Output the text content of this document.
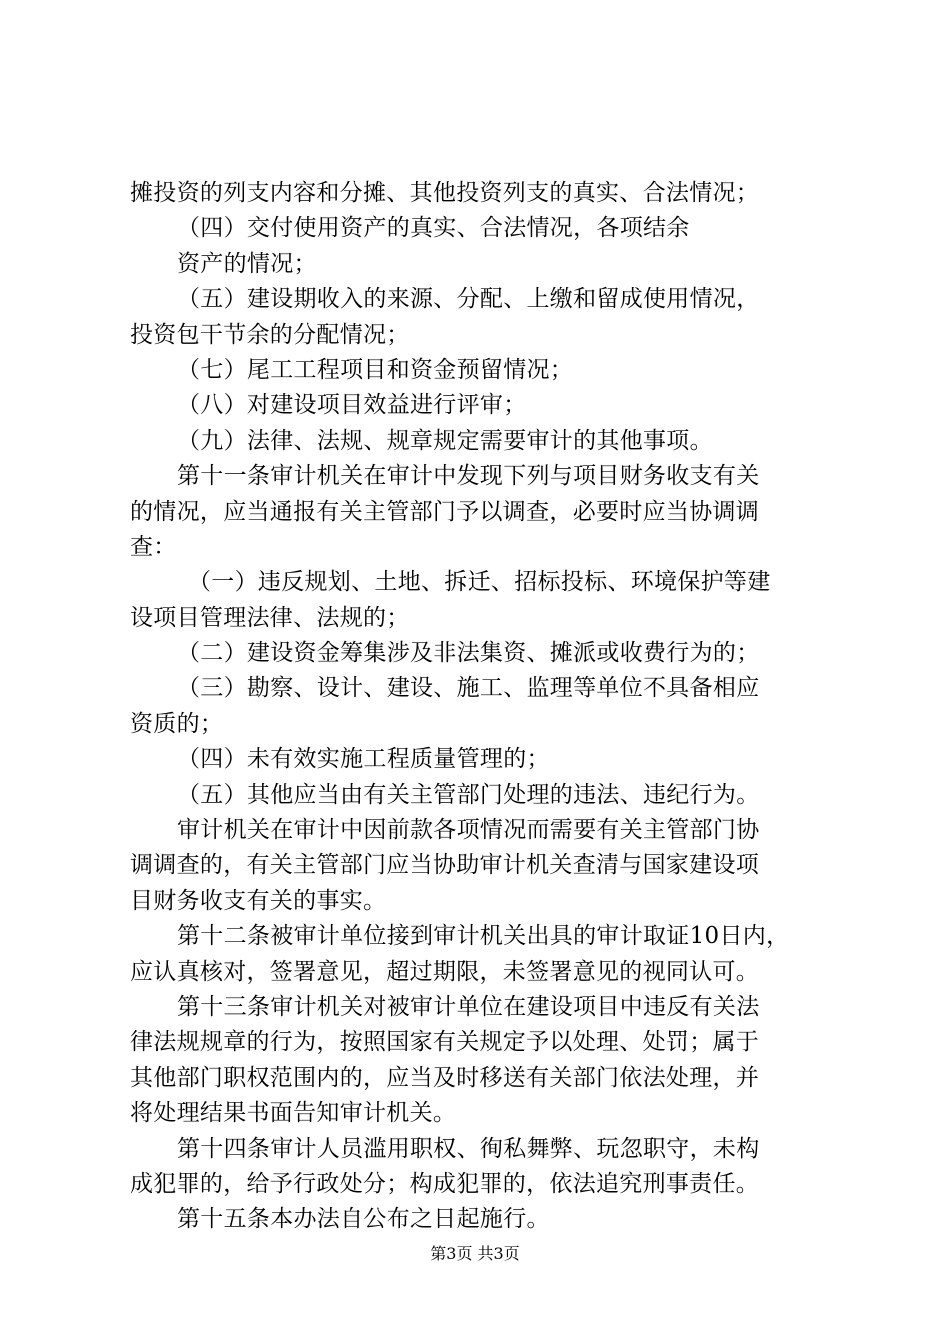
摊投资的列支内容和分摊、其他投资列支的真实、合法情况；
（四）交付使用资产的真实、合法情况，各项结余
资产的情况；
（五）建设期收入的来源、分配、上缴和留成使用情况，
投资包干节余的分配情况；
（七）尾工工程项目和资金预留情况；
（八）对建设项目效益进行评审；
（九）法律、法规、规章规定需要审计的其他事项。
第十一条审计机关在审计中发现下列与项目财务收支有关
的情况，应当通报有关主管部门予以调查，必要时应当协调调
查：
（一）违反规划、土地、拆迁、招标投标、环境保护等建
设项目管理法律、法规的；
（二）建设资金筹集涉及非法集资、摊派或收费行为的；
（三）勘察、设计、建设、施工、监理等单位不具备相应
资质的；
（四）未有效实施工程质量管理的；
（五）其他应当由有关主管部门处理的违法、违纪行为。
审计机关在审计中因前款各项情况而需要有关主管部门协
调调查的，有关主管部门应当协助审计机关查清与国家建设项
目财务收支有关的事实。
第十二条被审计单位接到审计机关出具的审计取证10日内，
应认真核对，签署意见，超过期限，未签署意见的视同认可。
第十三条审计机关对被审计单位在建设项目中违反有关法
律法规规章的行为，按照国家有关规定予以处理、处罚；属于
其他部门职权范围内的，应当及时移送有关部门依法处理，并
将处理结果书面告知审计机关。
第十四条审计人员滥用职权、徇私舞弊、玩忽职守，未构
成犯罪的，给予行政处分；构成犯罪的，依法追究刑事责任。
第十五条本办法自公布之日起施行。
第3页 共3页
